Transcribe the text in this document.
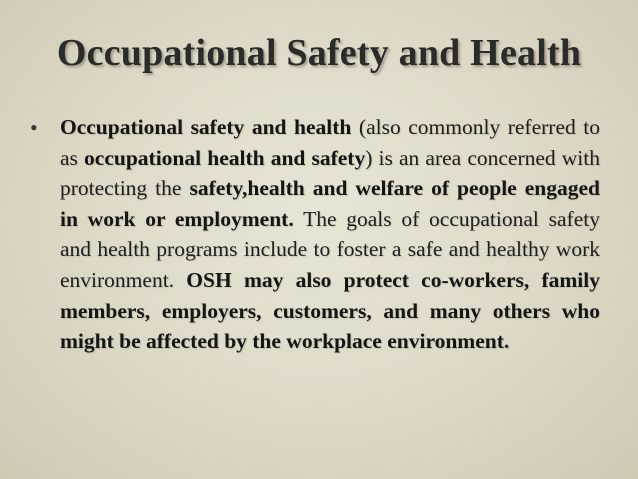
Occupational Safety and Health
• Occupational safety and health (also commonly referred to as occupational health and safety) is an area concerned with protecting the safety,health and welfare of people engaged in work or employment. The goals of occupational safety and health programs include to foster a safe and healthy work environment. OSH may also protect co-workers, family members, employers, customers, and many others who might be affected by the workplace environment.
